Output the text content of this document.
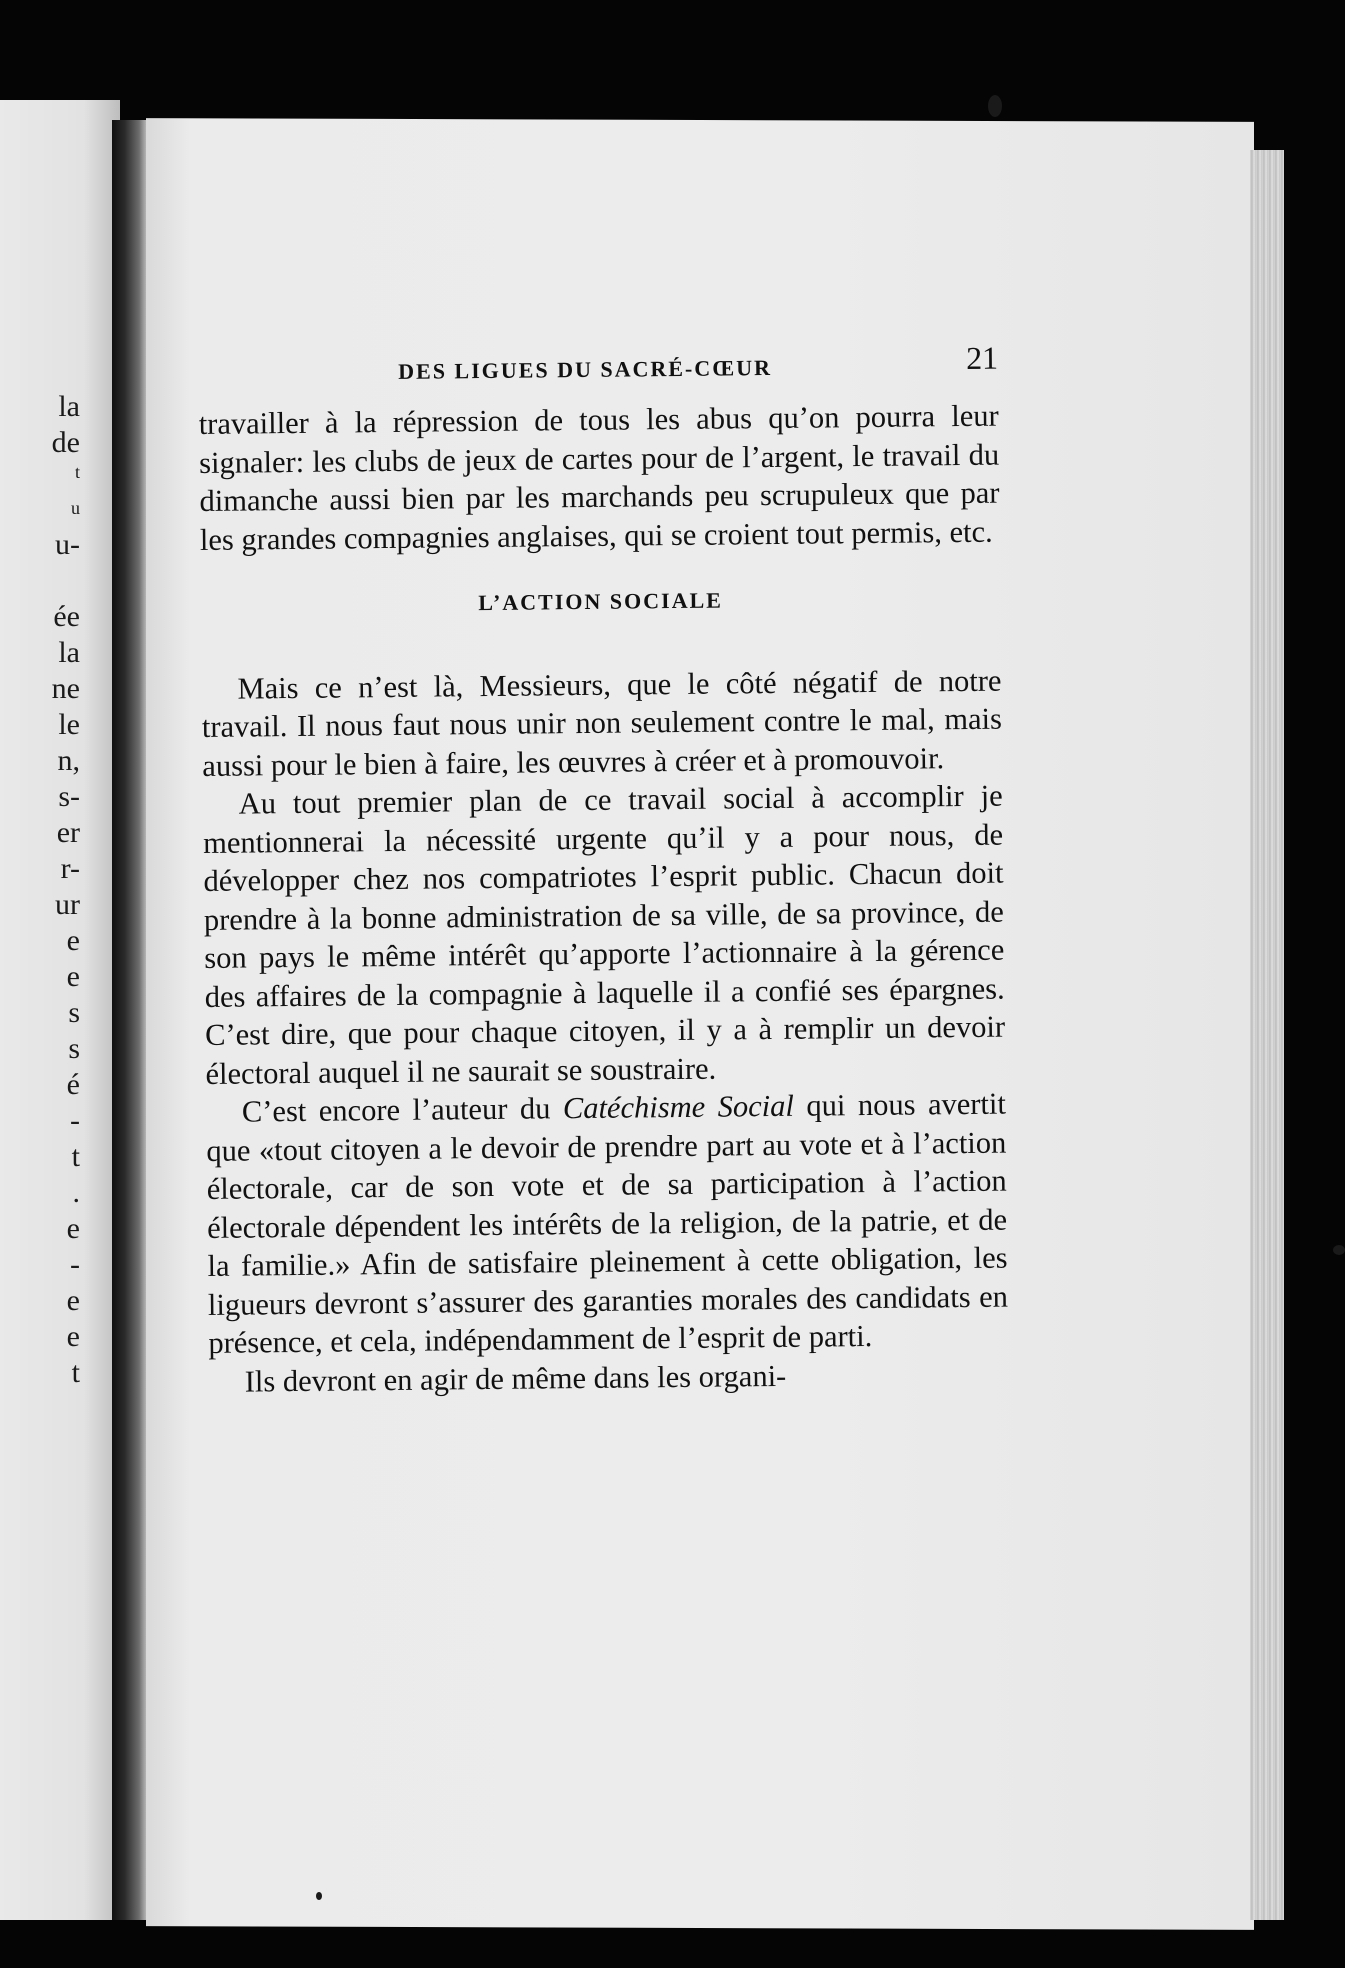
la
de
t
u
u-
ée
la
ne
le
n,
s-
er
r-
ur
e
e
s
s
é
-
t
.
e
-
e
e
t
DES LIGUES DU SACRÉ-CŒUR	21

travailler à la répression de tous les abus qu’on pourra leur signaler: les clubs de jeux de cartes pour de l’argent, le travail du dimanche aussi bien par les marchands peu scrupuleux que par les grandes compagnies anglaises, qui se croient tout permis, etc.

L’ACTION SOCIALE

Mais ce n’est là, Messieurs, que le côté négatif de notre travail. Il nous faut nous unir non seulement contre le mal, mais aussi pour le bien à faire, les œuvres à créer et à promouvoir.

Au tout premier plan de ce travail social à accomplir je mentionnerai la nécessité urgente qu’il y a pour nous, de développer chez nos compatriotes l’esprit public. Chacun doit prendre à la bonne administration de sa ville, de sa province, de son pays le même intérêt qu’apporte l’actionnaire à la gérence des affaires de la compagnie à laquelle il a confié ses épargnes. C’est dire, que pour chaque citoyen, il y a à remplir un devoir électoral auquel il ne saurait se soustraire.

C’est encore l’auteur du Catéchisme Social qui nous avertit que «tout citoyen a le devoir de prendre part au vote et à l’action électorale, car de son vote et de sa participation à l’action électorale dépendent les intérêts de la religion, de la patrie, et de la familie.» Afin de satisfaire pleinement à cette obligation, les ligueurs devront s’assurer des garanties morales des candidats en présence, et cela, indépendamment de l’esprit de parti.

Ils devront en agir de même dans les organi-
